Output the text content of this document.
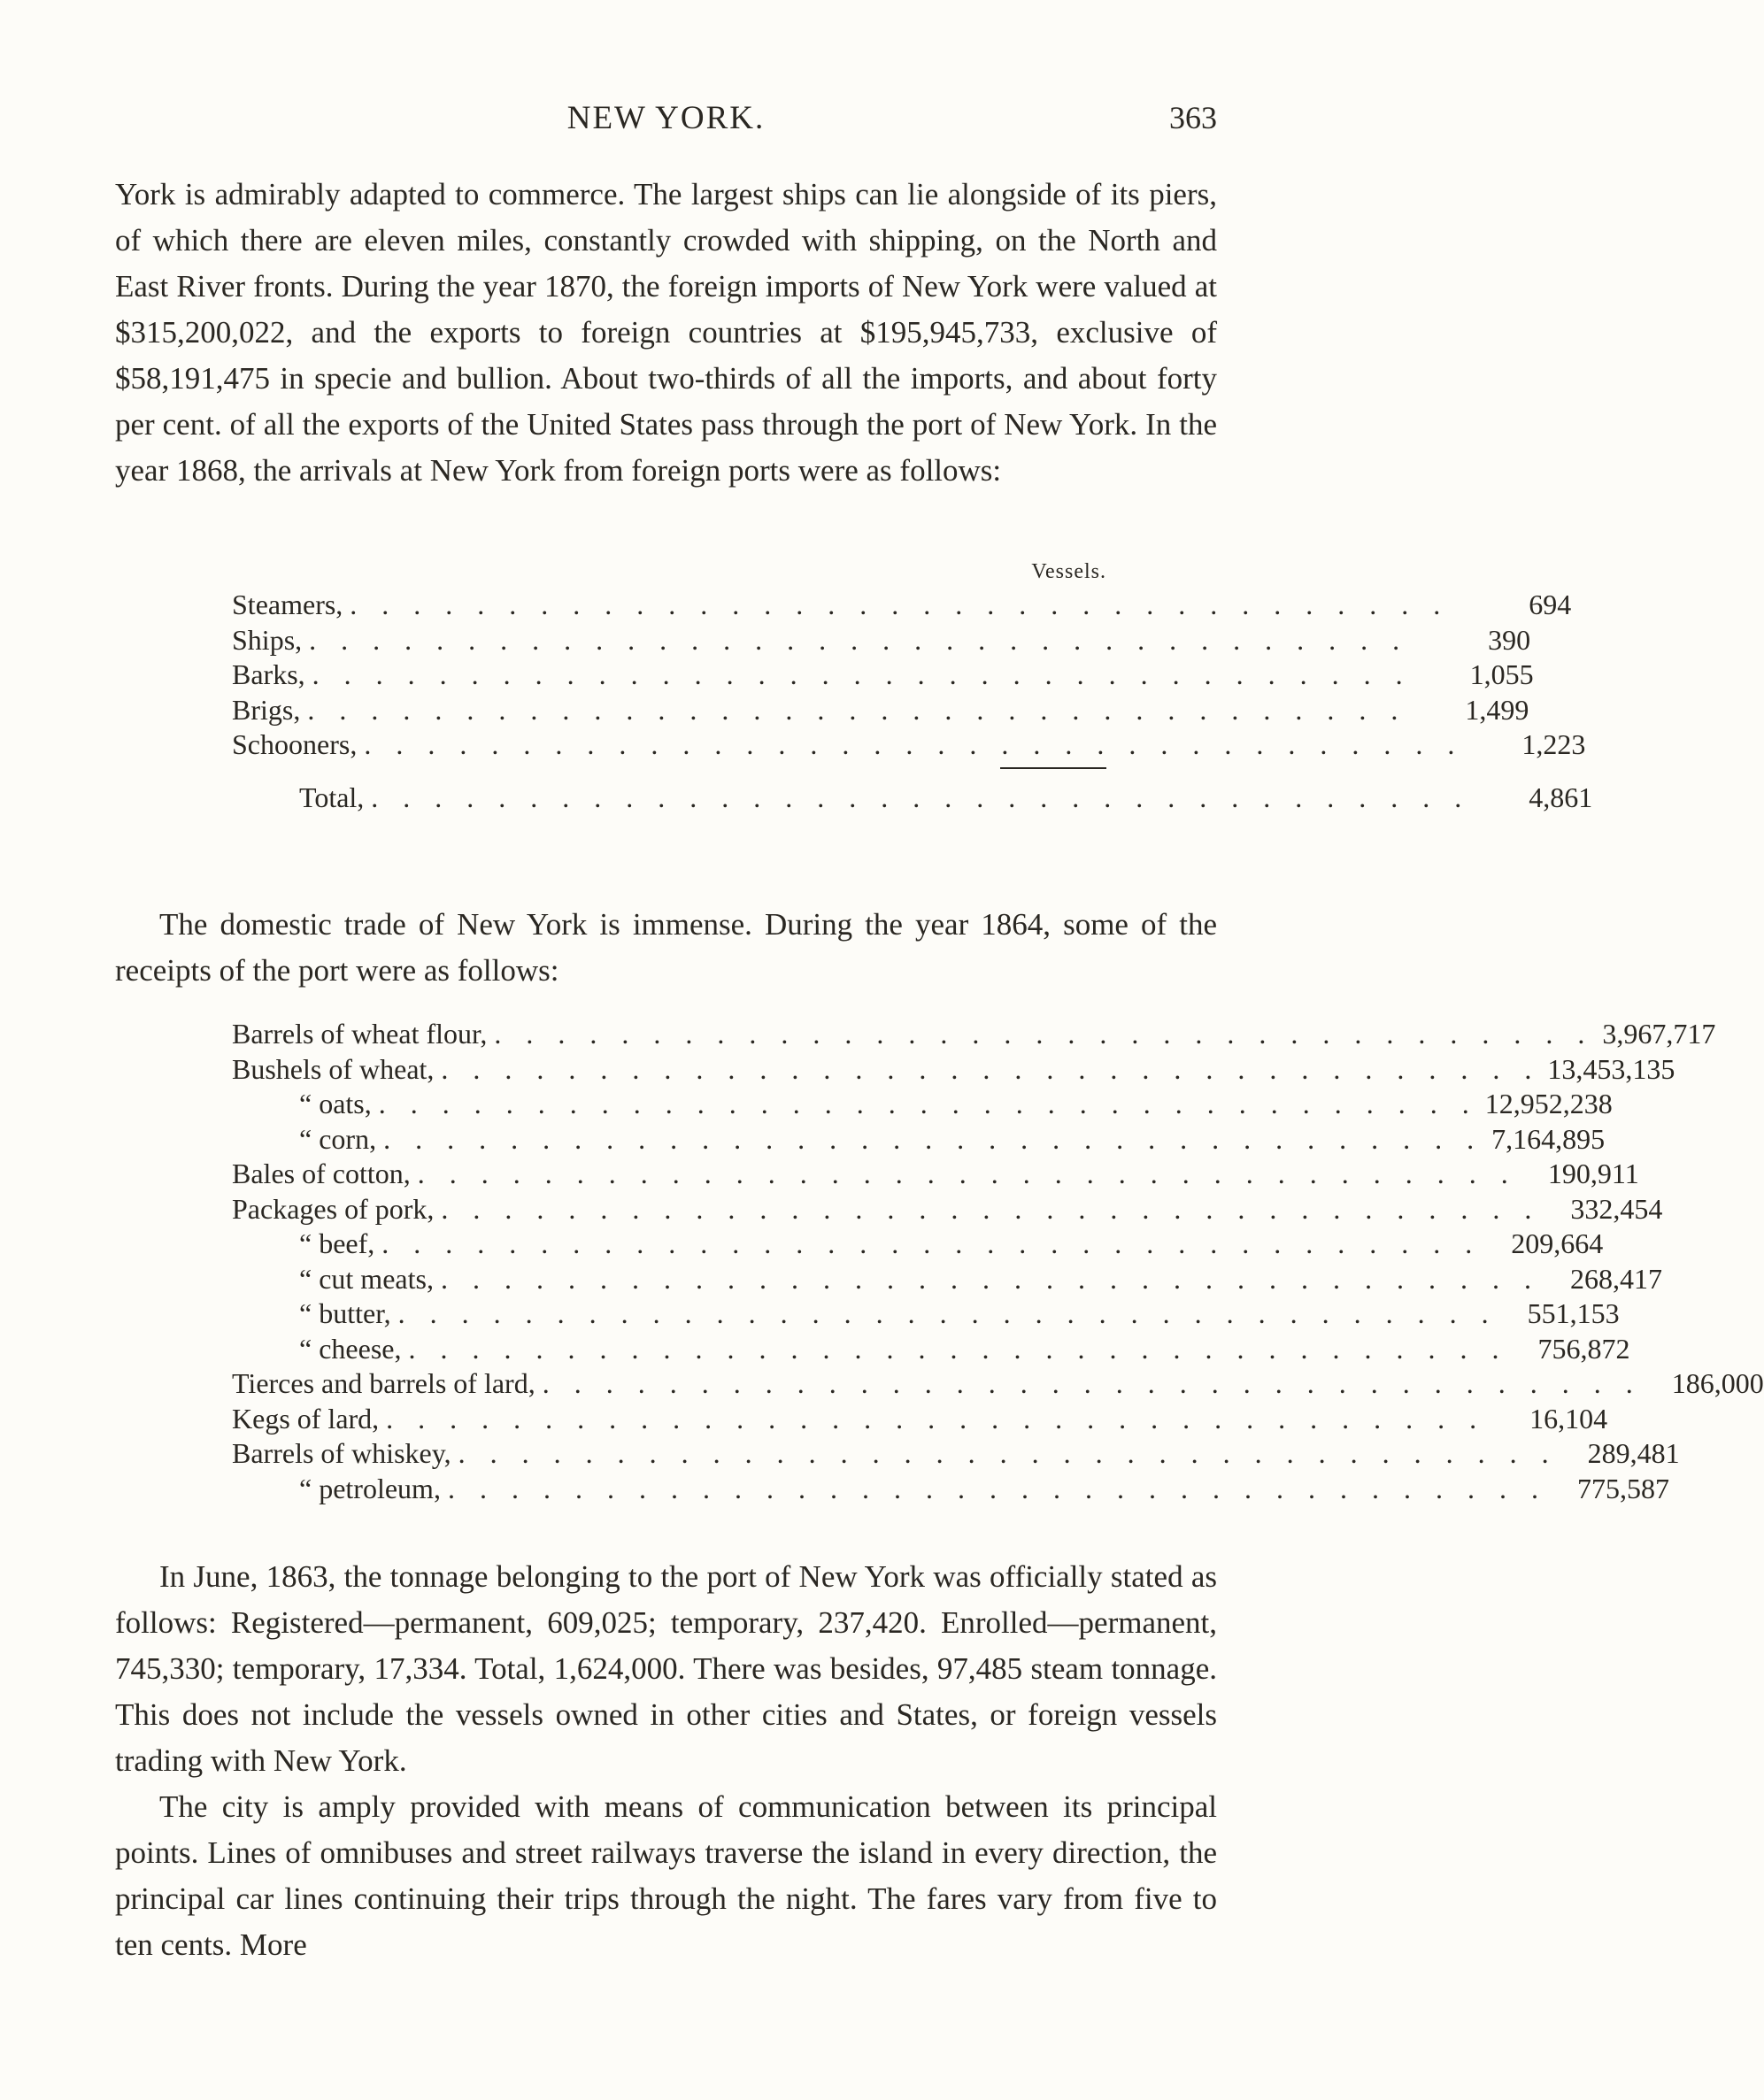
NEW YORK.	363

York is admirably adapted to commerce. The largest ships can lie alongside of its piers, of which there are eleven miles, constantly crowded with shipping, on the North and East River fronts. During the year 1870, the foreign imports of New York were valued at $315,200,022, and the exports to foreign countries at $195,945,733, exclusive of $58,191,475 in specie and bullion. About two-thirds of all the imports, and about forty per cent. of all the exports of the United States pass through the port of New York. In the year 1868, the arrivals at New York from foreign ports were as follows:

Vessels.
Steamers, . . . . . . . . . . . . . . . . . . . . . . . . . . . . . . . . . . .	694
Ships, . . . . . . . . . . . . . . . . . . . . . . . . . . . . . . . . . . .	390
Barks, . . . . . . . . . . . . . . . . . . . . . . . . . . . . . . . . . . .	1,055
Brigs, . . . . . . . . . . . . . . . . . . . . . . . . . . . . . . . . . . .	1,499
Schooners, . . . . . . . . . . . . . . . . . . . . . . . . . . . . . . . . . . .	1,223
Total, . . . . . . . . . . . . . . . . . . . . . . . . . . . . . . . . . . .	4,861

The domestic trade of New York is immense. During the year 1864, some of the receipts of the port were as follows:

Barrels of wheat flour, . . . . . . . . . . . . . . . . . . . . . . . . . . . . . . . . . . . 3,967,717
Bushels of wheat, . . . . . . . . . . . . . . . . . . . . . . . . . . . . . . . . . . . 13,453,135
“ oats, . . . . . . . . . . . . . . . . . . . . . . . . . . . . . . . . . . . 12,952,238
“ corn, . . . . . . . . . . . . . . . . . . . . . . . . . . . . . . . . . . . 7,164,895
Bales of cotton, . . . . . . . . . . . . . . . . . . . . . . . . . . . . . . . . . . .	190,911
Packages of pork, . . . . . . . . . . . . . . . . . . . . . . . . . . . . . . . . . . .	332,454
“ beef, . . . . . . . . . . . . . . . . . . . . . . . . . . . . . . . . . . .	209,664
“ cut meats, . . . . . . . . . . . . . . . . . . . . . . . . . . . . . . . . . . .	268,417
“ butter, . . . . . . . . . . . . . . . . . . . . . . . . . . . . . . . . . . .	551,153
“ cheese, . . . . . . . . . . . . . . . . . . . . . . . . . . . . . . . . . . .	756,872
Tierces and barrels of lard, . . . . . . . . . . . . . . . . . . . . . . . . . . . . . . . . . . .	186,000
Kegs of lard, . . . . . . . . . . . . . . . . . . . . . . . . . . . . . . . . . . .	16,104
Barrels of whiskey, . . . . . . . . . . . . . . . . . . . . . . . . . . . . . . . . . . .	289,481
“ petroleum, . . . . . . . . . . . . . . . . . . . . . . . . . . . . . . . . . . .	775,587

In June, 1863, the tonnage belonging to the port of New York was officially stated as follows: Registered—permanent, 609,025; temporary, 237,420. Enrolled—permanent, 745,330; temporary, 17,334. Total, 1,624,000. There was besides, 97,485 steam tonnage. This does not include the vessels owned in other cities and States, or foreign vessels trading with New York.

The city is amply provided with means of communication between its principal points. Lines of omnibuses and street railways traverse the island in every direction, the principal car lines continuing their trips through the night. The fares vary from five to ten cents. More
